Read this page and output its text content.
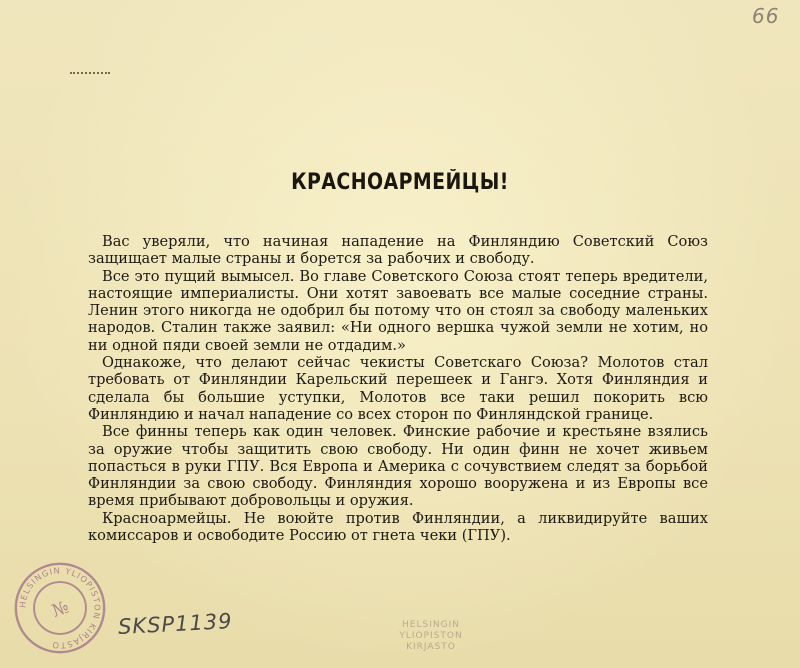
66
КРАСНОАРМЕЙЦЫ!

Вас уверяли, что начиная нападение на Финляндию Советский Союз защищает малые страны и борется за рабочих и свободу.

Все это пущий вымысел. Во главе Советского Союза стоят теперь вредители, настоящие империалисты. Они хотят завоевать все малые соседние страны. Ленин этого никогда не одобрил бы потому что он стоял за свободу маленьких народов. Сталин также заявил: «Ни одного вершка чужой земли не хотим, но ни одной пяди своей земли не отдадим.»

Однакоже, что делают сейчас чекисты Советскаго Союза? Молотов стал требовать от Финляндии Карельский перешеек и Гангэ. Хотя Финляндия и сделала бы большие уступки, Молотов все таки решил покорить всю Финляндию и начал нападение со всех сторон по Финляндской границе.

Все финны теперь как один человек. Финские рабочие и крестьяне взялись за оружие чтобы защитить свою свободу. Ни один финн не хочет живьем попасться в руки ГПУ. Вся Европа и Америка с сочувствием следят за борьбой Финляндии за свою свободу. Финляндия хорошо вооружена и из Европы все время прибывают добровольцы и оружия.

Красноармейцы. Не воюйте против Финляндии, а ликвидируйте ваших комиссаров и освободите Россию от гнета чеки (ГПУ).

HELSINGIN YLIOPISTON KIRJASTO
№ SKSP1139	HELSINGIN
YLIOPISTON
KIRJASTO
